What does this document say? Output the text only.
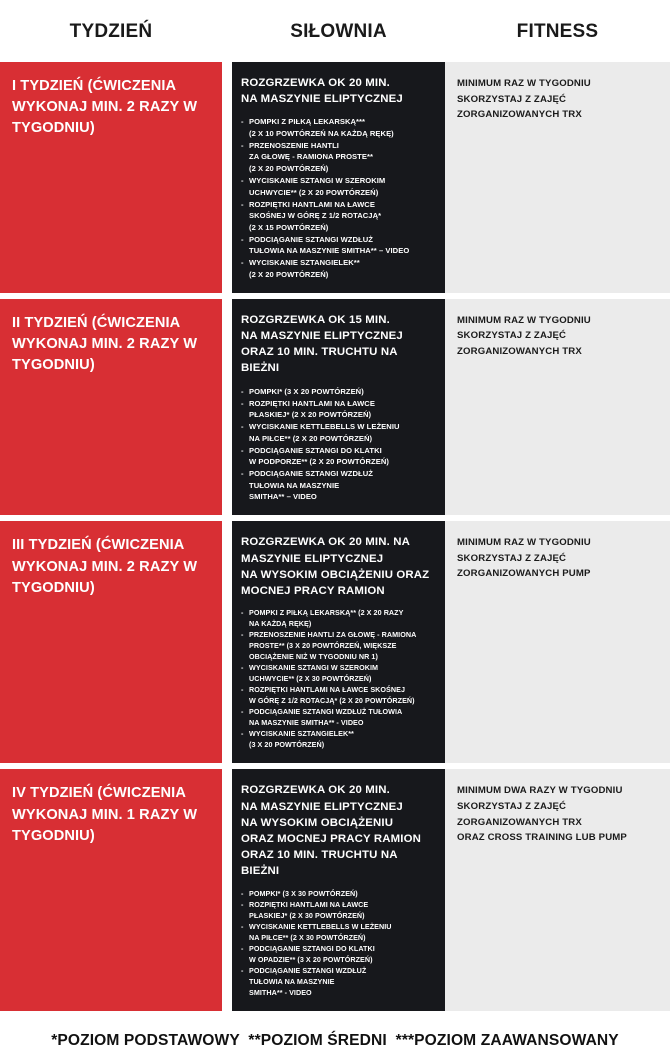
TYDZIEŃ	SIŁOWNIA	FITNESS
I TYDZIEŃ (ĆWICZENIA WYKONAJ MIN. 2 RAZY W TYGODNIU)
ROZGRZEWKA OK 20 MIN.
NA MASZYNIE ELIPTYCZNEJ
- POMPKI Z PIŁKĄ LEKARSKĄ***
(2 X 10 POWTÓRZEŃ NA KAŻDĄ RĘKĘ)
- PRZENOSZENIE HANTLI
ZA GŁOWĘ - RAMIONA PROSTE**
(2 X 20 POWTÓRZEŃ)
- WYCISKANIE SZTANGI W SZEROKIM
UCHWYCIE** (2 X 20 POWTÓRZEŃ)
- ROZPIĘTKI HANTLAMI NA ŁAWCE
SKOŚNEJ W GÓRĘ Z 1/2 ROTACJĄ*
(2 X 15 POWTÓRZEŃ)
- PODCIĄGANIE SZTANGI WZDŁUŻ
TUŁOWIA NA MASZYNIE SMITHA** – VIDEO
- WYCISKANIE SZTANGIELEK**
(2 X 20 POWTÓRZEŃ)
MINIMUM RAZ W TYGODNIU
SKORZYSTAJ Z ZAJĘĆ
ZORGANIZOWANYCH TRX
II TYDZIEŃ (ĆWICZENIA WYKONAJ MIN. 2 RAZY W TYGODNIU)
ROZGRZEWKA OK 15 MIN.
NA MASZYNIE ELIPTYCZNEJ
ORAZ 10 MIN. TRUCHTU NA BIEŻNI
- POMPKI* (3 X 20 POWTÓRZEŃ)
- ROZPIĘTKI HANTLAMI NA ŁAWCE
PŁASKIEJ* (2 X 20 POWTÓRZEŃ)
- WYCISKANIE KETTLEBELLS W LEŻENIU
NA PIŁCE** (2 X 20 POWTÓRZEŃ)
- PODCIĄGANIE SZTANGI DO KLATKI
W PODPORZE** (2 X 20 POWTÓRZEŃ)
- PODCIĄGANIE SZTANGI WZDŁUŻ
TUŁOWIA NA MASZYNIE
SMITHA** – VIDEO
MINIMUM RAZ W TYGODNIU
SKORZYSTAJ Z ZAJĘĆ
ZORGANIZOWANYCH TRX
III TYDZIEŃ (ĆWICZENIA WYKONAJ MIN. 2 RAZY W TYGODNIU)
ROZGRZEWKA OK 20 MIN. NA
MASZYNIE ELIPTYCZNEJ
NA WYSOKIM OBCIĄŻENIU ORAZ
MOCNEJ PRACY RAMION
- POMPKI Z PIŁKĄ LEKARSKĄ** (2 X 20 RAZY
NA KAŻDĄ RĘKĘ)
- PRZENOSZENIE HANTLI ZA GŁOWĘ - RAMIONA
PROSTE** (3 X 20 POWTÓRZEŃ, WIĘKSZE
OBCIĄŻENIE NIŻ W TYGODNIU NR 1)
- WYCISKANIE SZTANGI W SZEROKIM
UCHWYCIE** (2 X 30 POWTÓRZEŃ)
- ROZPIĘTKI HANTLAMI NA ŁAWCE SKOŚNEJ
W GÓRĘ Z 1/2 ROTACJĄ* (2 X 20 POWTÓRZEŃ)
- PODCIĄGANIE SZTANGI WZDŁUŻ TUŁOWIA
NA MASZYNIE SMITHA** - VIDEO
- WYCISKANIE SZTANGIELEK**
(3 X 20 POWTÓRZEŃ)
MINIMUM RAZ W TYGODNIU
SKORZYSTAJ Z ZAJĘĆ
ZORGANIZOWANYCH PUMP
IV TYDZIEŃ (ĆWICZENIA WYKONAJ MIN. 1 RAZY W TYGODNIU)
ROZGRZEWKA OK 20 MIN.
NA MASZYNIE ELIPTYCZNEJ
NA WYSOKIM OBCIĄŻENIU
ORAZ MOCNEJ PRACY RAMION
ORAZ 10 MIN. TRUCHTU NA BIEŻNI
- POMPKI* (3 X 30 POWTÓRZEŃ)
- ROZPIĘTKI HANTLAMI NA ŁAWCE
PŁASKIEJ* (2 X 30 POWTÓRZEŃ)
- WYCISKANIE KETTLEBELLS W LEŻENIU
NA PIŁCE** (2 X 30 POWTÓRZEŃ)
- PODCIĄGANIE SZTANGI DO KLATKI
W OPADZIE** (3 X 20 POWTÓRZEŃ)
- PODCIĄGANIE SZTANGI WZDŁUŻ
TUŁOWIA NA MASZYNIE
SMITHA** - VIDEO
MINIMUM DWA RAZY W TYGODNIU
SKORZYSTAJ Z ZAJĘĆ
ZORGANIZOWANYCH TRX
ORAZ CROSS TRAINING LUB PUMP
*POZIOM PODSTAWOWY  **POZIOM ŚREDNI  ***POZIOM ZAAWANSOWANY
